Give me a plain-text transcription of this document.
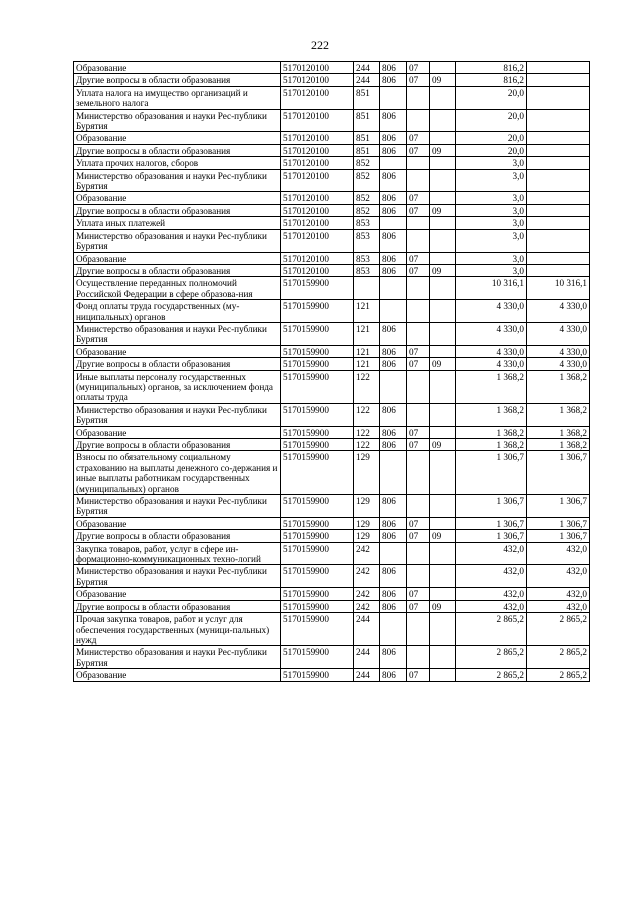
222
Образование	5170120100	244	806	07		816,2	
Другие вопросы в области образования	5170120100	244	806	07	09	816,2	
Уплата налога на имущество организаций и земельного налога	5170120100	851				20,0	
Министерство образования и науки Рес-публики Бурятия	5170120100	851	806			20,0	
Образование	5170120100	851	806	07		20,0	
Другие вопросы в области образования	5170120100	851	806	07	09	20,0	
Уплата прочих налогов, сборов	5170120100	852				3,0	
Министерство образования и науки Рес-публики Бурятия	5170120100	852	806			3,0	
Образование	5170120100	852	806	07		3,0	
Другие вопросы в области образования	5170120100	852	806	07	09	3,0	
Уплата иных платежей	5170120100	853				3,0	
Министерство образования и науки Рес-публики Бурятия	5170120100	853	806			3,0	
Образование	5170120100	853	806	07		3,0	
Другие вопросы в области образования	5170120100	853	806	07	09	3,0	
Осуществление переданных полномочий Российской Федерации в сфере образова-ния	5170159900					10 316,1	10 316,1
Фонд оплаты труда государственных (му-ниципальных) органов	5170159900	121				4 330,0	4 330,0
Министерство образования и науки Рес-публики Бурятия	5170159900	121	806			4 330,0	4 330,0
Образование	5170159900	121	806	07		4 330,0	4 330,0
Другие вопросы в области образования	5170159900	121	806	07	09	4 330,0	4 330,0
Иные выплаты персоналу государственных (муниципальных) органов, за исключением фонда оплаты труда	5170159900	122				1 368,2	1 368,2
Министерство образования и науки Рес-публики Бурятия	5170159900	122	806			1 368,2	1 368,2
Образование	5170159900	122	806	07		1 368,2	1 368,2
Другие вопросы в области образования	5170159900	122	806	07	09	1 368,2	1 368,2
Взносы по обязательному социальному страхованию на выплаты денежного со-держания и иные выплаты работникам государственных (муниципальных) органов	5170159900	129				1 306,7	1 306,7
Министерство образования и науки Рес-публики Бурятия	5170159900	129	806			1 306,7	1 306,7
Образование	5170159900	129	806	07		1 306,7	1 306,7
Другие вопросы в области образования	5170159900	129	806	07	09	1 306,7	1 306,7
Закупка товаров, работ, услуг в сфере ин-формационно-коммуникационных техно-логий	5170159900	242				432,0	432,0
Министерство образования и науки Рес-публики Бурятия	5170159900	242	806			432,0	432,0
Образование	5170159900	242	806	07		432,0	432,0
Другие вопросы в области образования	5170159900	242	806	07	09	432,0	432,0
Прочая закупка товаров, работ и услуг для обеспечения государственных (муници-пальных) нужд	5170159900	244				2 865,2	2 865,2
Министерство образования и науки Рес-публики Бурятия	5170159900	244	806			2 865,2	2 865,2
Образование	5170159900	244	806	07		2 865,2	2 865,2
